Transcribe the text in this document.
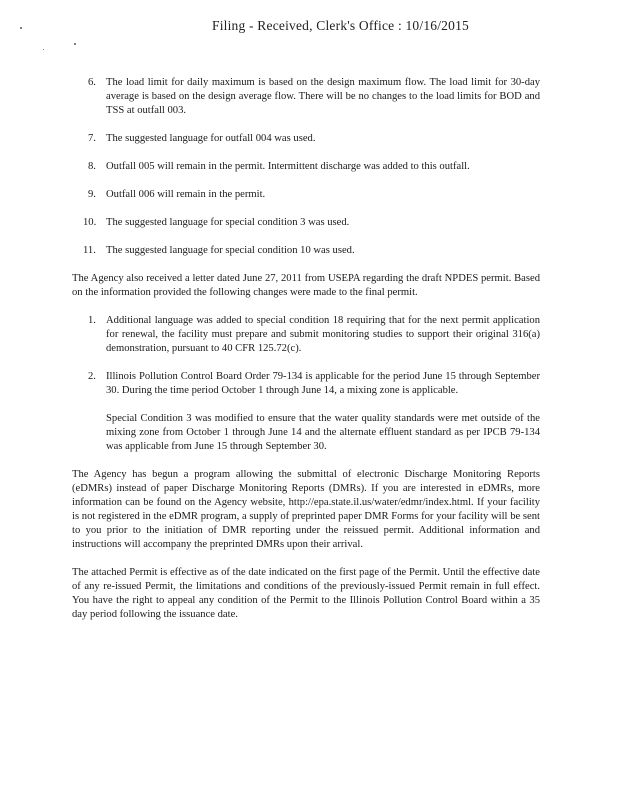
Filing - Received, Clerk's Office : 10/16/2015
6. The load limit for daily maximum is based on the design maximum flow. The load limit for 30-day average is based on the design average flow. There will be no changes to the load limits for BOD and TSS at outfall 003.

7. The suggested language for outfall 004 was used.

8. Outfall 005 will remain in the permit. Intermittent discharge was added to this outfall.

9. Outfall 006 will remain in the permit.

10. The suggested language for special condition 3 was used.

11. The suggested language for special condition 10 was used.

The Agency also received a letter dated June 27, 2011 from USEPA regarding the draft NPDES permit. Based on the information provided the following changes were made to the final permit.

1. Additional language was added to special condition 18 requiring that for the next permit application for renewal, the facility must prepare and submit monitoring studies to support their original 316(a) demonstration, pursuant to 40 CFR 125.72(c).

2. Illinois Pollution Control Board Order 79-134 is applicable for the period June 15 through September 30. During the time period October 1 through June 14, a mixing zone is applicable.

Special Condition 3 was modified to ensure that the water quality standards were met outside of the mixing zone from October 1 through June 14 and the alternate effluent standard as per IPCB 79-134 was applicable from June 15 through September 30.

The Agency has begun a program allowing the submittal of electronic Discharge Monitoring Reports (eDMRs) instead of paper Discharge Monitoring Reports (DMRs). If you are interested in eDMRs, more information can be found on the Agency website, http://epa.state.il.us/water/edmr/index.html. If your facility is not registered in the eDMR program, a supply of preprinted paper DMR Forms for your facility will be sent to you prior to the initiation of DMR reporting under the reissued permit. Additional information and instructions will accompany the preprinted DMRs upon their arrival.

The attached Permit is effective as of the date indicated on the first page of the Permit. Until the effective date of any re-issued Permit, the limitations and conditions of the previously-issued Permit remain in full effect. You have the right to appeal any condition of the Permit to the Illinois Pollution Control Board within a 35 day period following the issuance date.
